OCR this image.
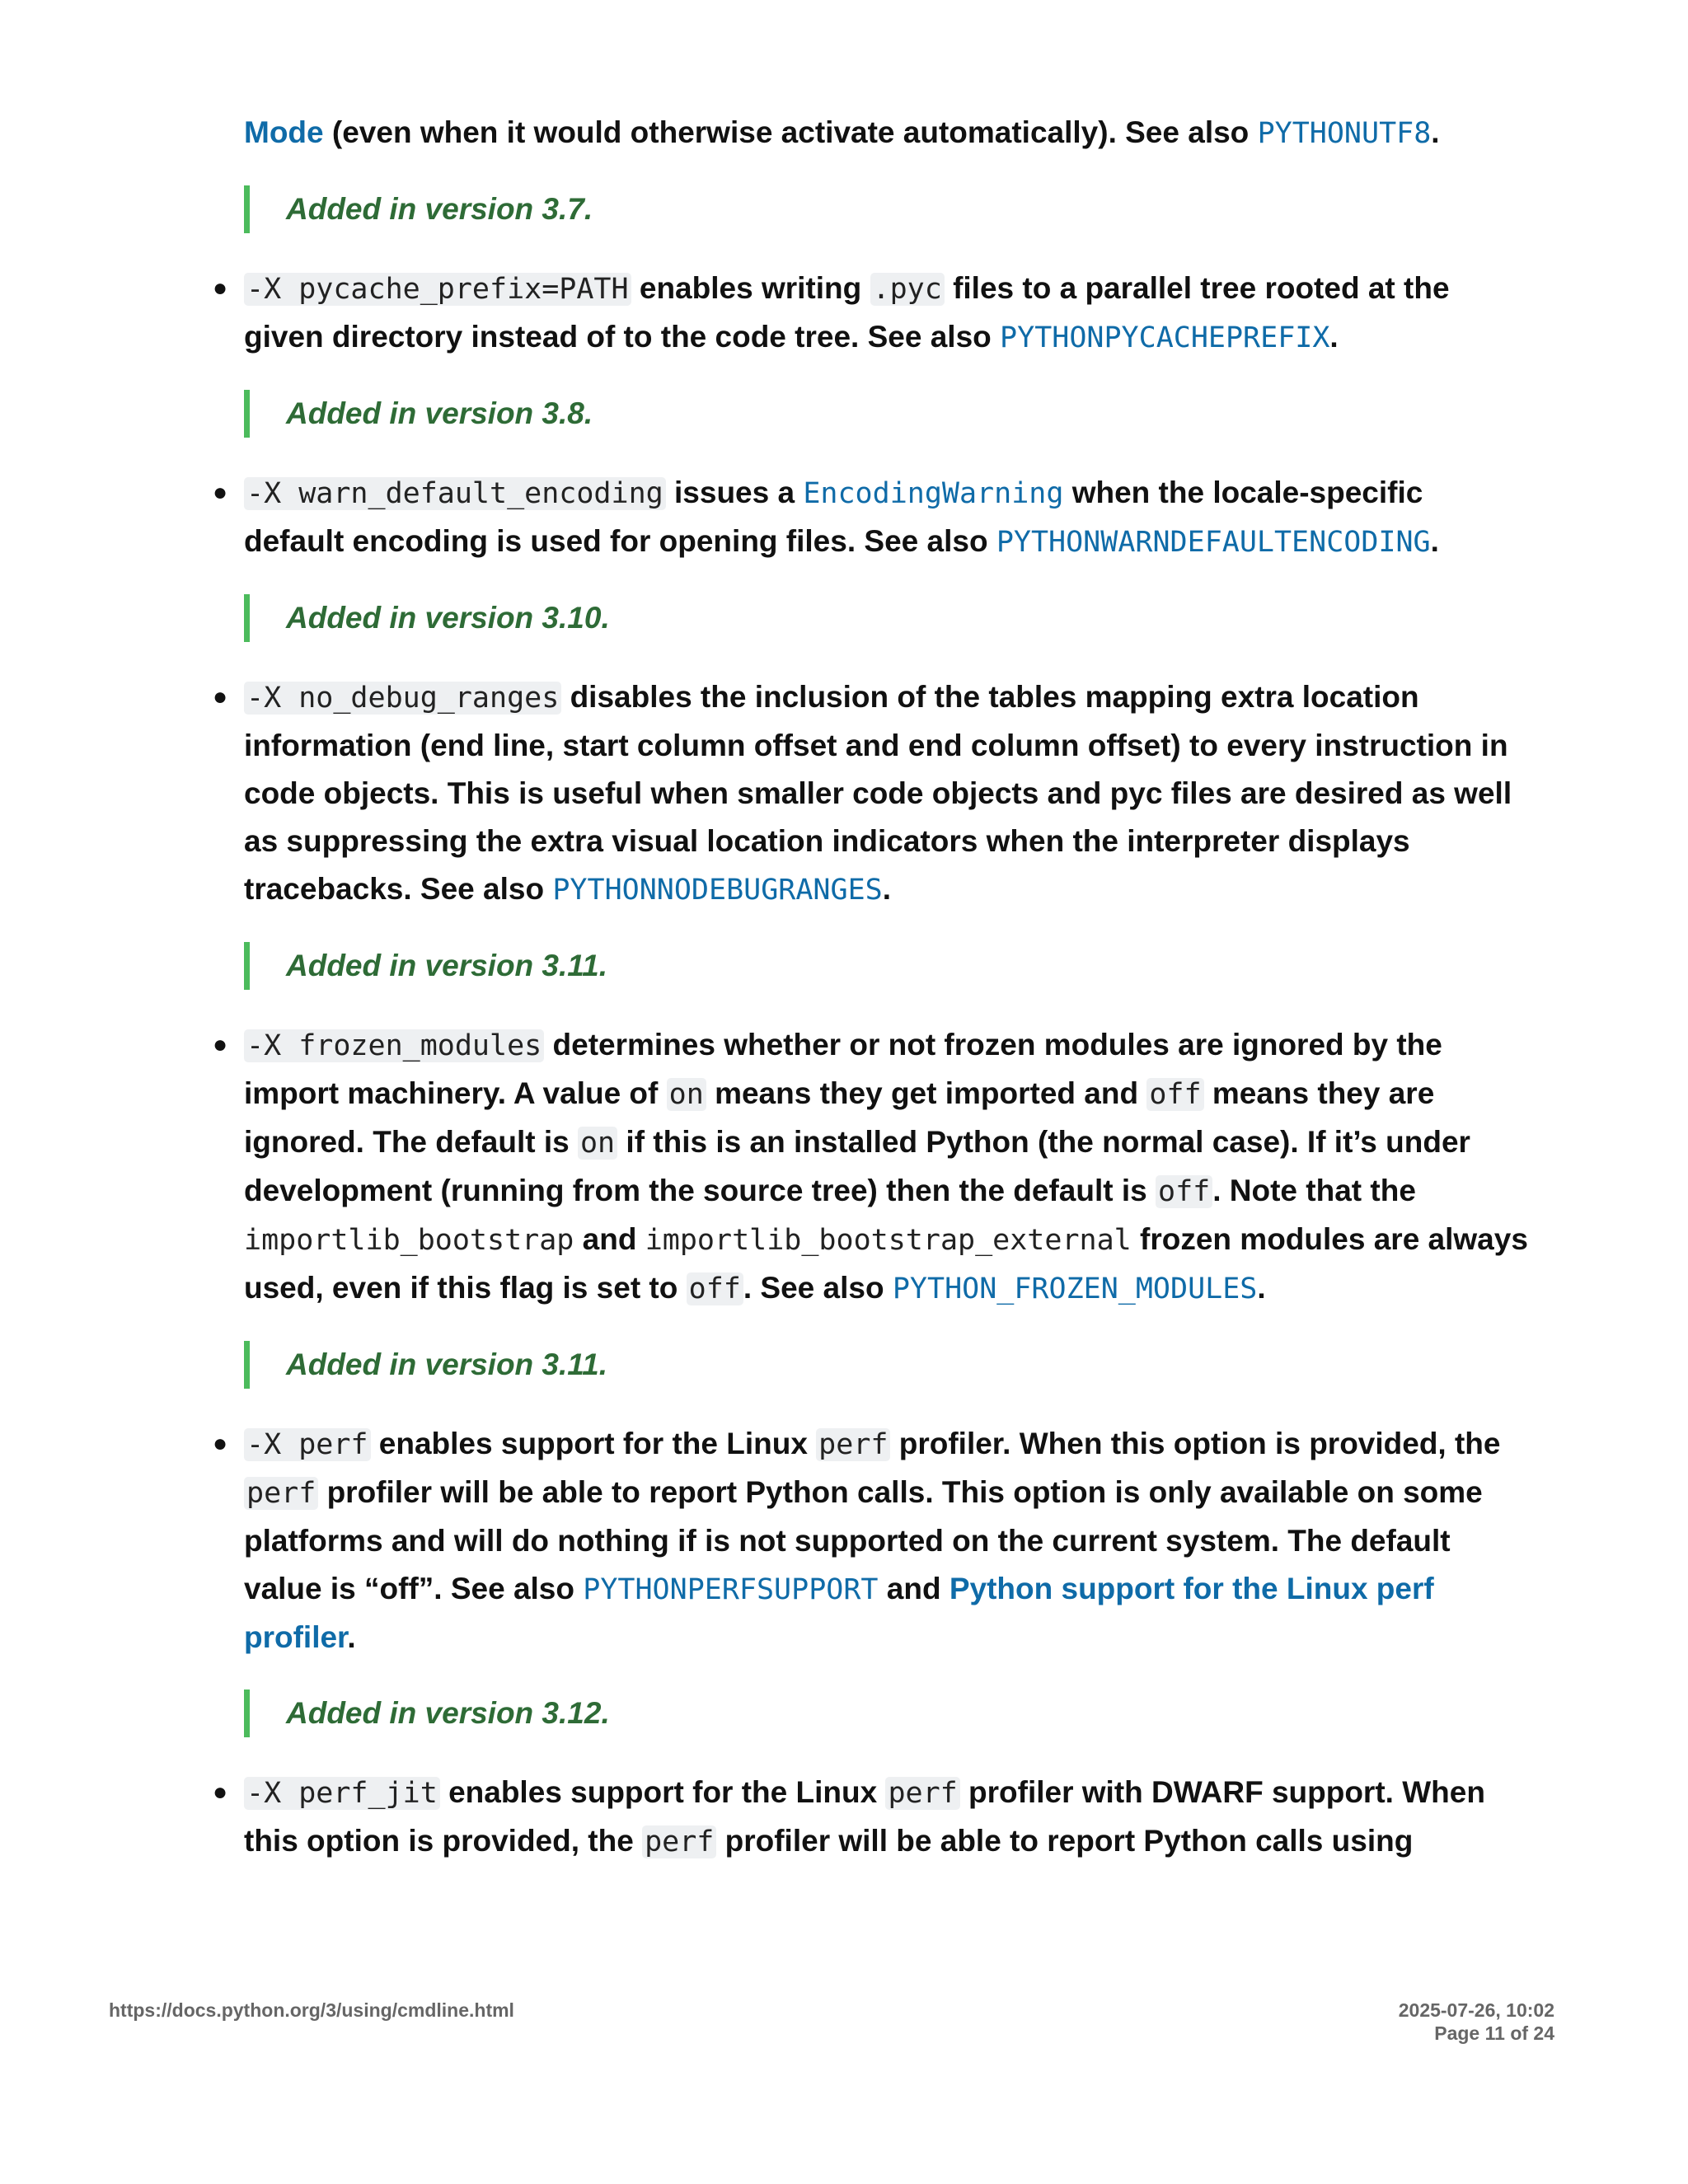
Mode (even when it would otherwise activate automatically). See also PYTHONUTF8.

Added in version 3.7.
● -X pycache_prefix=PATH enables writing .pyc files to a parallel tree rooted at the given directory instead of to the code tree. See also PYTHONPYCACHEPREFIX.

Added in version 3.8.
● -X warn_default_encoding issues a EncodingWarning when the locale-specific default encoding is used for opening files. See also PYTHONWARNDEFAULTENCODING.

Added in version 3.10.
● -X no_debug_ranges disables the inclusion of the tables mapping extra location information (end line, start column offset and end column offset) to every instruction in code objects. This is useful when smaller code objects and pyc files are desired as well as suppressing the extra visual location indicators when the interpreter displays tracebacks. See also PYTHONNODEBUGRANGES.

Added in version 3.11.
● -X frozen_modules determines whether or not frozen modules are ignored by the import machinery. A value of on means they get imported and off means they are ignored. The default is on if this is an installed Python (the normal case). If it’s under development (running from the source tree) then the default is off. Note that the importlib_bootstrap and importlib_bootstrap_external frozen modules are always used, even if this flag is set to off. See also PYTHON_FROZEN_MODULES.

Added in version 3.11.
● -X perf enables support for the Linux perf profiler. When this option is provided, the perf profiler will be able to report Python calls. This option is only available on some platforms and will do nothing if is not supported on the current system. The default value is “off”. See also PYTHONPERFSUPPORT and Python support for the Linux perf profiler.

Added in version 3.12.
● -X perf_jit enables support for the Linux perf profiler with DWARF support. When this option is provided, the perf profiler will be able to report Python calls using

https://docs.python.org/3/using/cmdline.html	2025-07-26, 10:02
Page 11 of 24
